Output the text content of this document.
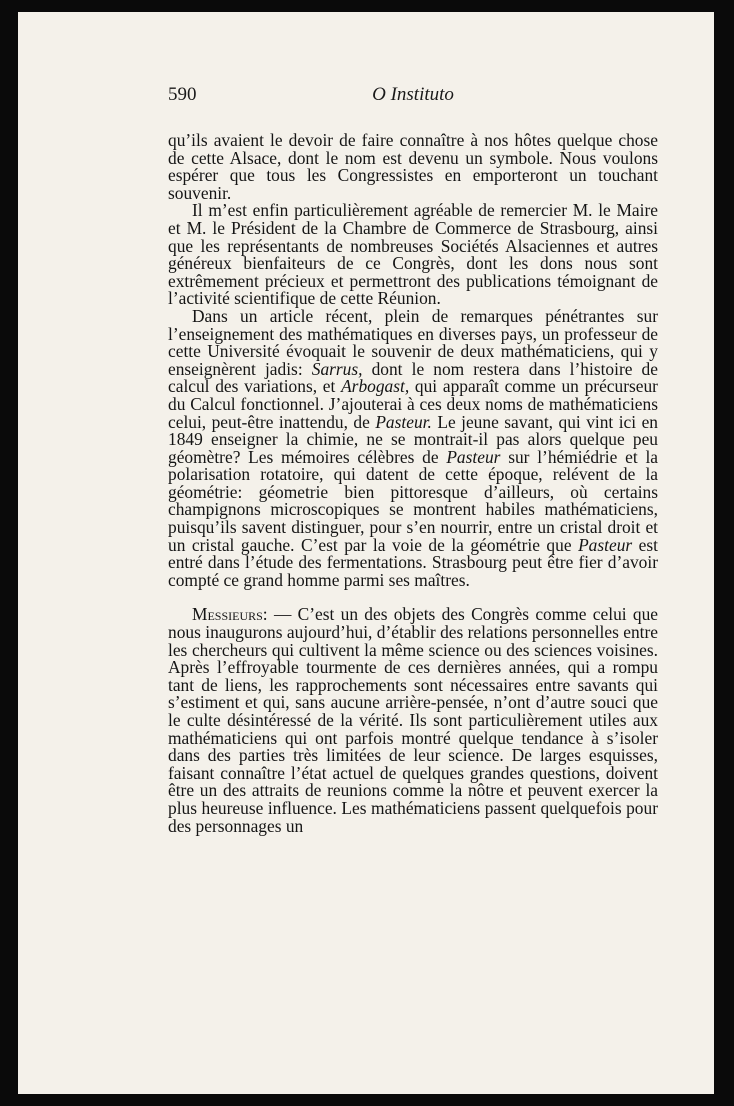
590	O Instituto

qu’ils avaient le devoir de faire connaître à nos hôtes quelque chose de cette Alsace, dont le nom est devenu un symbole. Nous voulons espérer que tous les Congressistes en emporteront un touchant souvenir.

Il m’est enfin particulièrement agréable de remercier M. le Maire et M. le Président de la Chambre de Commerce de Strasbourg, ainsi que les représentants de nombreuses Sociétés Alsaciennes et autres généreux bienfaiteurs de ce Congrès, dont les dons nous sont extrêmement précieux et permettront des publications témoignant de l’activité scientifique de cette Réunion.

Dans un article récent, plein de remarques pénétrantes sur l’enseignement des mathématiques en diverses pays, un professeur de cette Université évoquait le souvenir de deux mathématiciens, qui y enseignèrent jadis: Sarrus, dont le nom restera dans l’histoire de calcul des variations, et Arbogast, qui apparaît comme un précurseur du Calcul fonctionnel. J’ajouterai à ces deux noms de mathématiciens celui, peut-être inattendu, de Pasteur. Le jeune savant, qui vint ici en 1849 enseigner la chimie, ne se montrait-il pas alors quelque peu géomètre? Les mémoires célèbres de Pasteur sur l’hémiédrie et la polarisation rotatoire, qui datent de cette époque, relévent de la géométrie: géometrie bien pittoresque d’ailleurs, où certains champignons microscopiques se montrent habiles mathématiciens, puisqu’ils savent distinguer, pour s’en nourrir, entre un cristal droit et un cristal gauche. C’est par la voie de la géométrie que Pasteur est entré dans l’étude des fermentations. Strasbourg peut être fier d’avoir compté ce grand homme parmi ses maîtres.

Messieurs: — C’est un des objets des Congrès comme celui que nous inaugurons aujourd’hui, d’établir des relations personnelles entre les chercheurs qui cultivent la même science ou des sciences voisines. Après l’effroyable tourmente de ces dernières années, qui a rompu tant de liens, les rapprochements sont nécessaires entre savants qui s’estiment et qui, sans aucune arrière-pensée, n’ont d’autre souci que le culte désintéressé de la vérité. Ils sont particulièrement utiles aux mathématiciens qui ont parfois montré quelque tendance à s’isoler dans des parties très limitées de leur science. De larges esquisses, faisant connaître l’état actuel de quelques grandes questions, doivent être un des attraits de reunions comme la nôtre et peuvent exercer la plus heureuse influence. Les mathématiciens passent quelquefois pour des personnages un
